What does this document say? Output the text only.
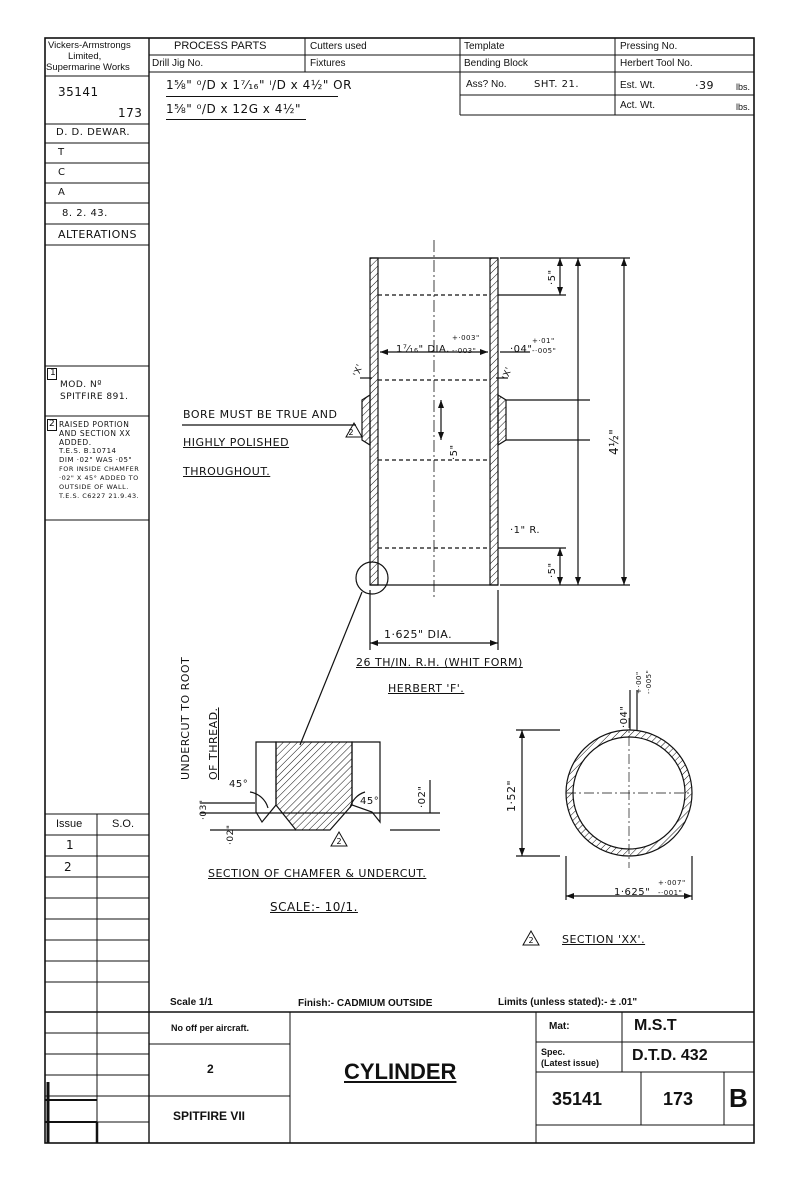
Vickers-Armstrongs
Limited,
Supermarine Works
35141
173
D. D. DEWAR.
T
C
A
8. 2. 43.
ALTERATIONS
1
MOD. Nº
SPITFIRE 891.
2 RAISED PORTION
AND SECTION XX
ADDED.
T.E.S. B.10714
DIM ·02" WAS ·05"
FOR INSIDE CHAMFER
·02" X 45° ADDED TO
OUTSIDE OF WALL.
T.E.S. C6227 21.9.43.
Issue	S.O.
1
2
PROCESS PARTS	Cutters used	Template	Pressing No.
Drill Jig No.	Fixtures	Bending Block	Herbert Tool No.
1⅝" ⁰/D x 1⁷⁄₁₆" ᴵ/D x 4½" OR
1⅝" ⁰/D x 12G x 4½"
Ass? No.	SHT. 21.	Est. Wt.	·39 lbs.
Act. Wt.	lbs.
2
1⁷⁄₁₆" DIA.
+·003"
-·003"	·04"
+·01"
-·005"
·5"
·5"
·5"	4½"
·1" R.
'X'	'X'
1·625" DIA.
BORE MUST BE TRUE AND
HIGHLY POLISHED
THROUGHOUT.
26 TH/IN. R.H. (WHIT FORM)
HERBERT 'F'.
2
UNDERCUT TO ROOT OF THREAD.
45°
45°
·03"
·02"
·02"
SECTION OF CHAMFER & UNDERCUT.
SCALE:- 10/1.
2
1·52"
·04"
+·00" -·005"
1·625"
+·007"
-·001"
SECTION 'XX'.
Scale 1/1	Finish:- CADMIUM OUTSIDE	Limits (unless stated):- ± .01"
No off per aircraft.
2
SPITFIRE VII
CYLINDER
Mat:	M.S.T
Spec.
(Latest issue) D.T.D. 432
35141	173 B
